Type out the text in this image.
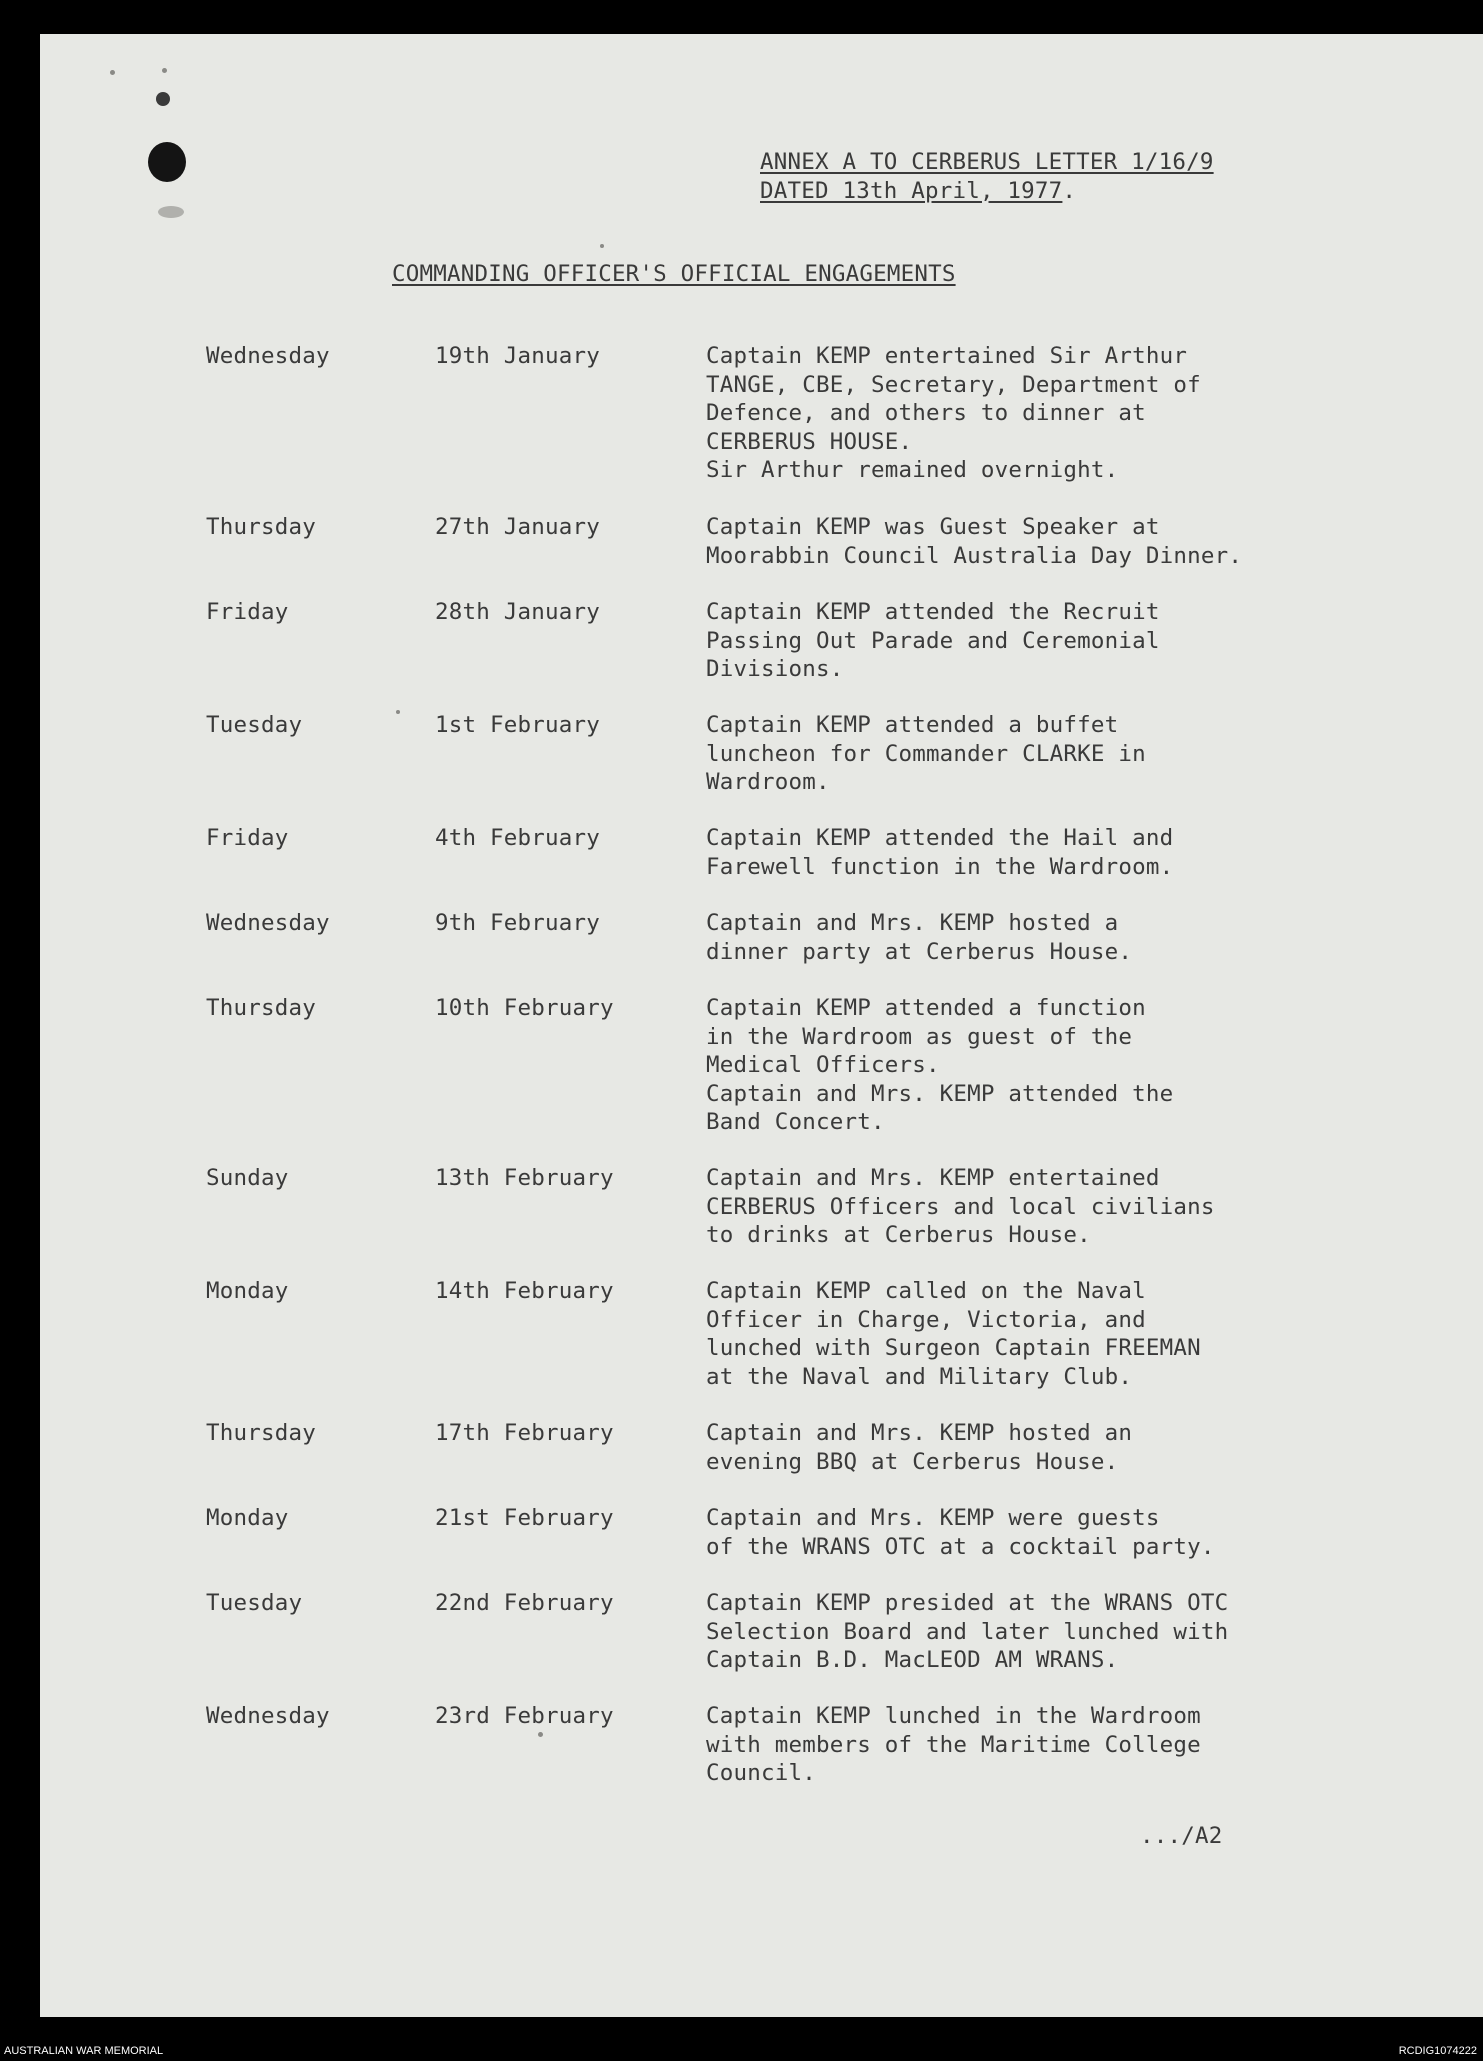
ANNEX A TO CERBERUS LETTER 1/16/9
DATED 13th April, 1977.
COMMANDING OFFICER'S OFFICIAL ENGAGEMENTS
Wednesday	19th January	Captain KEMP entertained Sir Arthur
TANGE, CBE, Secretary, Department of
Defence, and others to dinner at
CERBERUS HOUSE.
Sir Arthur remained overnight.
Thursday	27th January	Captain KEMP was Guest Speaker at
Moorabbin Council Australia Day Dinner.
Friday	28th January	Captain KEMP attended the Recruit
Passing Out Parade and Ceremonial
Divisions.
Tuesday	1st February	Captain KEMP attended a buffet
luncheon for Commander CLARKE in
Wardroom.
Friday	4th February	Captain KEMP attended the Hail and
Farewell function in the Wardroom.
Wednesday	9th February	Captain and Mrs. KEMP hosted a
dinner party at Cerberus House.
Thursday	10th February	Captain KEMP attended a function
in the Wardroom as guest of the
Medical Officers.
Captain and Mrs. KEMP attended the
Band Concert.
Sunday	13th February	Captain and Mrs. KEMP entertained
CERBERUS Officers and local civilians
to drinks at Cerberus House.
Monday	14th February	Captain KEMP called on the Naval
Officer in Charge, Victoria, and
lunched with Surgeon Captain FREEMAN
at the Naval and Military Club.
Thursday	17th February	Captain and Mrs. KEMP hosted an
evening BBQ at Cerberus House.
Monday	21st February	Captain and Mrs. KEMP were guests
of the WRANS OTC at a cocktail party.
Tuesday	22nd February	Captain KEMP presided at the WRANS OTC
Selection Board and later lunched with
Captain B.D. MacLEOD AM WRANS.
Wednesday	23rd February	Captain KEMP lunched in the Wardroom
with members of the Maritime College
Council.
.../A2
AUSTRALIAN WAR MEMORIAL	RCDIG1074222
